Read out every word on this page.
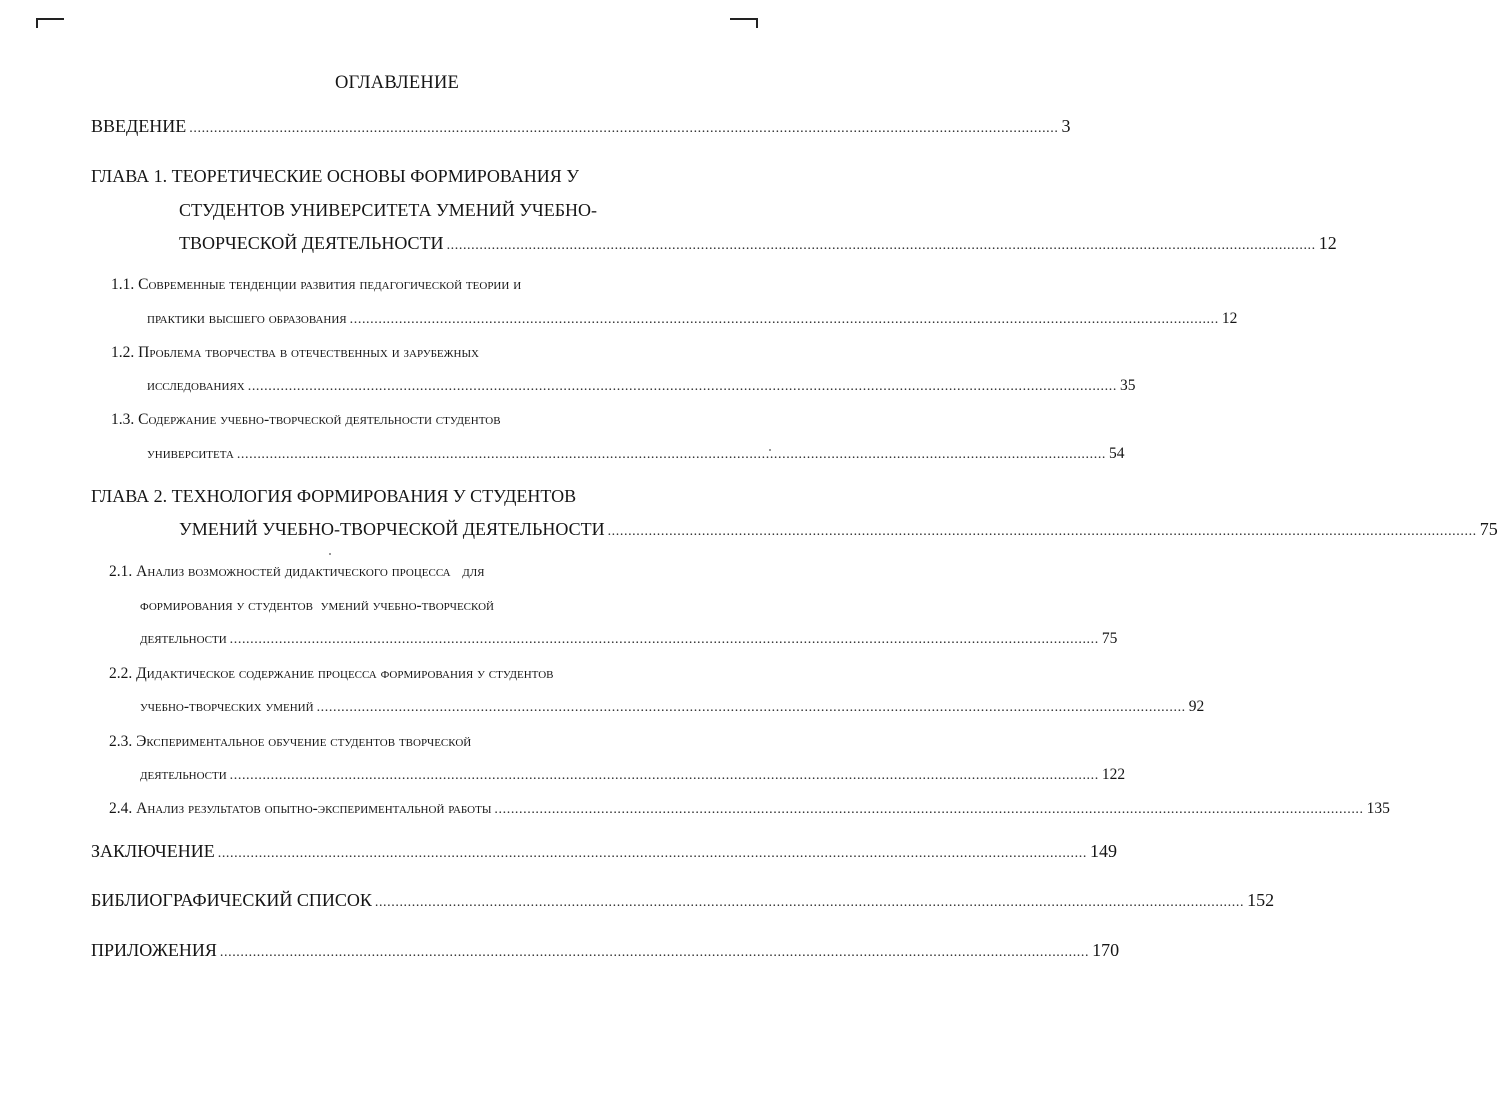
ОГЛАВЛЕНИЕ
ВВЕДЕНИЕ .................................................................................................................................................................................................................... 3
ГЛАВА 1. ТЕОРЕТИЧЕСКИЕ ОСНОВЫ ФОРМИРОВАНИЯ У
СТУДЕНТОВ УНИВЕРСИТЕТА УМЕНИЙ УЧЕБНО-
ТВОРЧЕСКОЙ ДЕЯТЕЛЬНОСТИ .................................................................................................................................................................................................................... 12
1.1. Современные тенденции развития педагогической теории и
практики высшего образования .................................................................................................................................................................................................................... 12
1.2. Проблема творчества в отечественных и зарубежных
исследованиях .................................................................................................................................................................................................................... 35
1.3. Содержание учебно-творческой деятельности студентов
университета .................................................................................................................................................................................................................... 54
ГЛАВА 2. ТЕХНОЛОГИЯ ФОРМИРОВАНИЯ У СТУДЕНТОВ
УМЕНИЙ УЧЕБНО-ТВОРЧЕСКОЙ ДЕЯТЕЛЬНОСТИ .................................................................................................................................................................................................................... 75
2.1. Анализ возможностей дидактического процесса   для
формирования у студентов  умений учебно-творческой
деятельности .................................................................................................................................................................................................................... 75
2.2. Дидактическое содержание процесса формирования у студентов
учебно-творческих умений .................................................................................................................................................................................................................... 92
2.3. Экспериментальное обучение студентов творческой
деятельности .................................................................................................................................................................................................................... 122
2.4. Анализ результатов опытно-экспериментальной работы .................................................................................................................................................................................................................... 135
ЗАКЛЮЧЕНИЕ .................................................................................................................................................................................................................... 149
БИБЛИОГРАФИЧЕСКИЙ СПИСОК .................................................................................................................................................................................................................... 152
ПРИЛОЖЕНИЯ .................................................................................................................................................................................................................... 170
